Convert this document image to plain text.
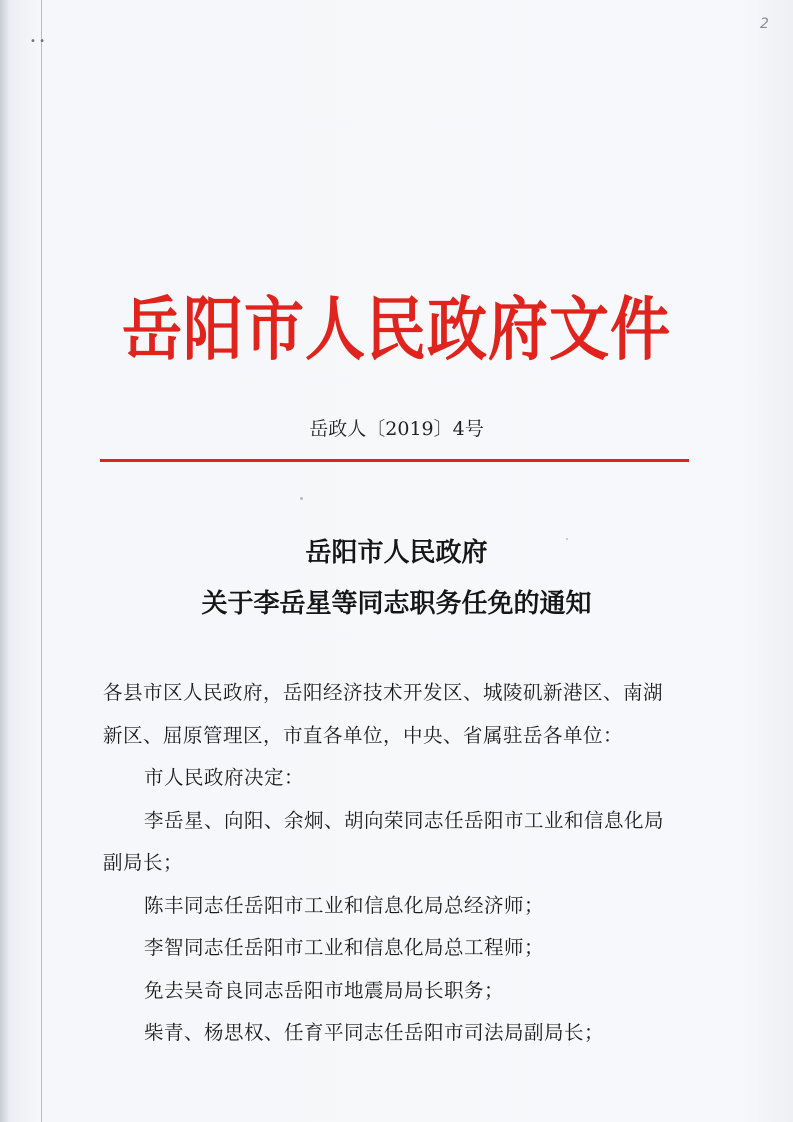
2
• •
岳阳市人民政府文件
岳政人〔2019〕4号
岳阳市人民政府
关于李岳星等同志职务任免的通知
各县市区人民政府，岳阳经济技术开发区、城陵矶新港区、南湖
新区、屈原管理区，市直各单位，中央、省属驻岳各单位：
市人民政府决定：
李岳星、向阳、余炯、胡向荣同志任岳阳市工业和信息化局
副局长；
陈丰同志任岳阳市工业和信息化局总经济师；
李智同志任岳阳市工业和信息化局总工程师；
免去吴奇良同志岳阳市地震局局长职务；
柴青、杨思权、任育平同志任岳阳市司法局副局长；
